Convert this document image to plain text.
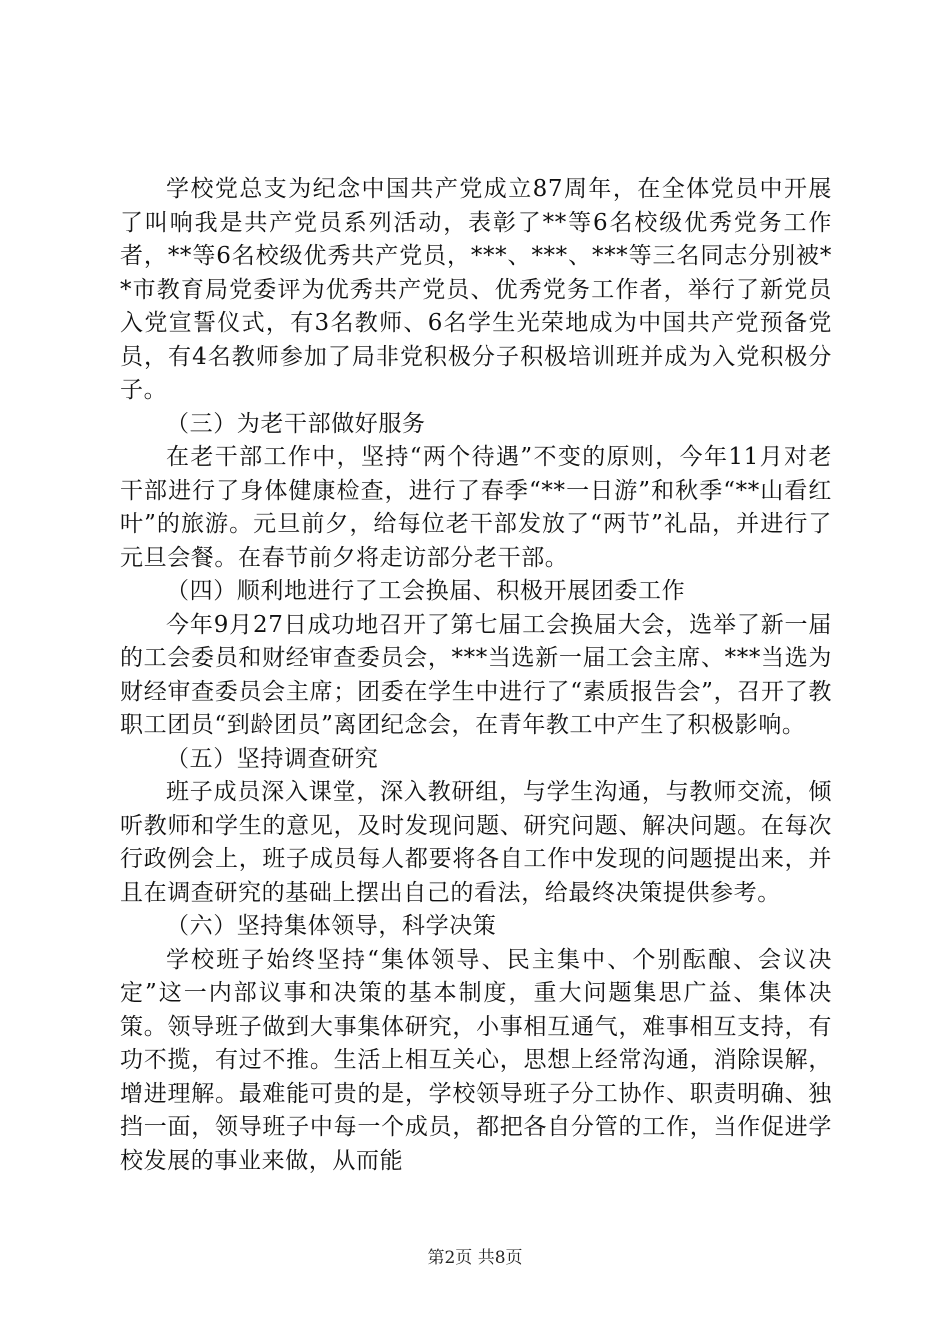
学校党总支为纪念中国共产党成立87周年，在全体党员中开展了叫响我是共产党员系列活动，表彰了**等6名校级优秀党务工作者，**等6名校级优秀共产党员，***、***、***等三名同志分别被**市教育局党委评为优秀共产党员、优秀党务工作者，举行了新党员入党宣誓仪式，有3名教师、6名学生光荣地成为中国共产党预备党员，有4名教师参加了局非党积极分子积极培训班并成为入党积极分子。

（三）为老干部做好服务

在老干部工作中，坚持“两个待遇”不变的原则，今年11月对老干部进行了身体健康检查，进行了春季“**一日游”和秋季“**山看红叶”的旅游。元旦前夕，给每位老干部发放了“两节”礼品，并进行了元旦会餐。在春节前夕将走访部分老干部。

（四）顺利地进行了工会换届、积极开展团委工作

今年9月27日成功地召开了第七届工会换届大会，选举了新一届的工会委员和财经审查委员会，***当选新一届工会主席、***当选为财经审查委员会主席；团委在学生中进行了“素质报告会”，召开了教职工团员“到龄团员”离团纪念会，在青年教工中产生了积极影响。

（五）坚持调查研究

班子成员深入课堂，深入教研组，与学生沟通，与教师交流，倾听教师和学生的意见，及时发现问题、研究问题、解决问题。在每次行政例会上，班子成员每人都要将各自工作中发现的问题提出来，并且在调查研究的基础上摆出自己的看法，给最终决策提供参考。

（六）坚持集体领导，科学决策

学校班子始终坚持“集体领导、民主集中、个别酝酿、会议决定”这一内部议事和决策的基本制度，重大问题集思广益、集体决策。领导班子做到大事集体研究，小事相互通气，难事相互支持，有功不揽，有过不推。生活上相互关心，思想上经常沟通，消除误解，增进理解。最难能可贵的是，学校领导班子分工协作、职责明确、独挡一面，领导班子中每一个成员，都把各自分管的工作，当作促进学校发展的事业来做，从而能

第2页 共8页
